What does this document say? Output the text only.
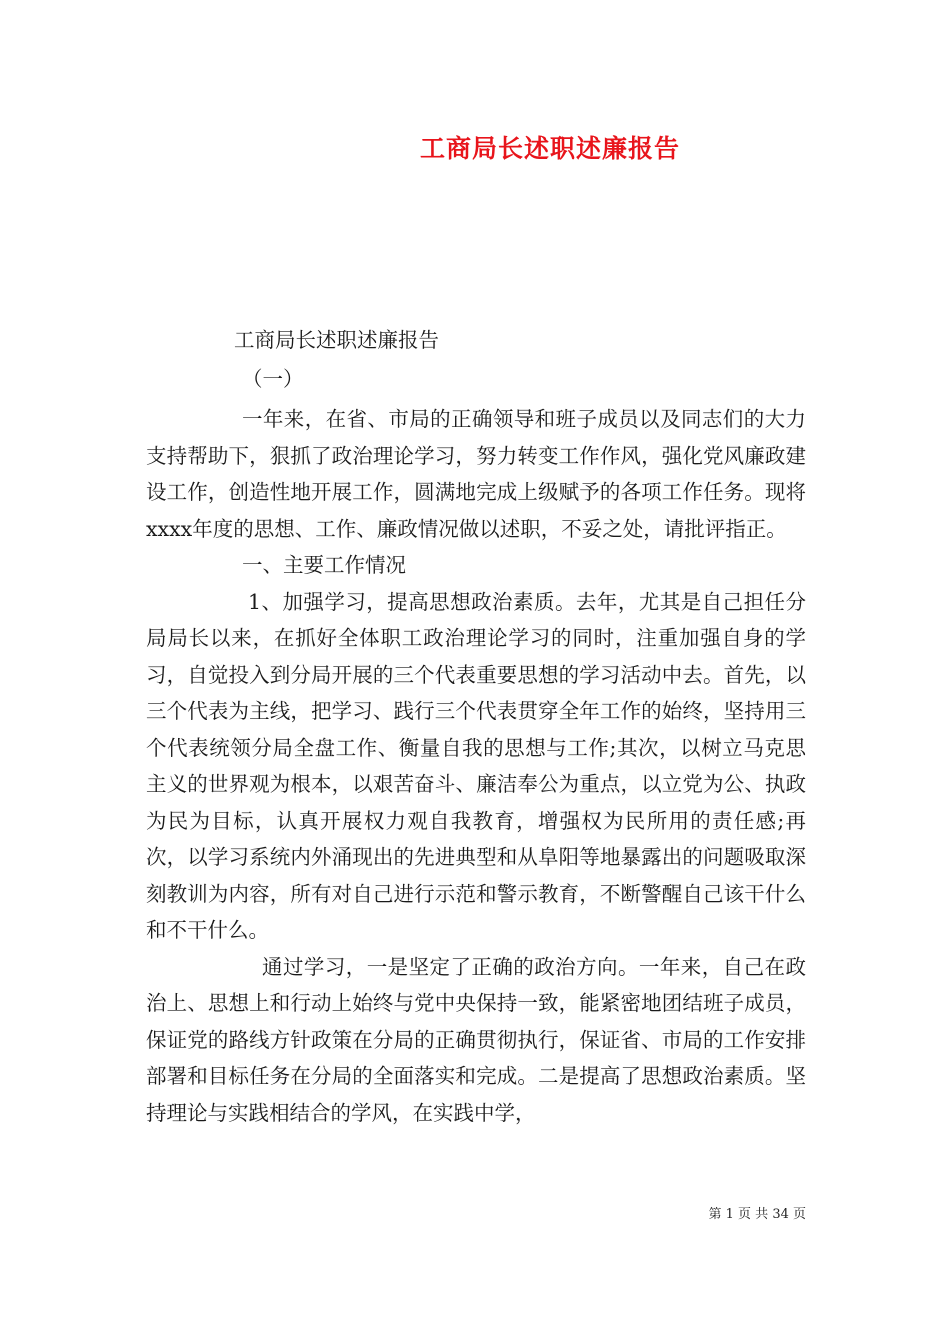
工商局长述职述廉报告
工商局长述职述廉报告
（一）
一年来，在省、市局的正确领导和班子成员以及同志们的大力支持帮助下，狠抓了政治理论学习，努力转变工作作风，强化党风廉政建设工作，创造性地开展工作，圆满地完成上级赋予的各项工作任务。现将xxxx年度的思想、工作、廉政情况做以述职，不妥之处，请批评指正。
一、主要工作情况
1、加强学习，提高思想政治素质。去年，尤其是自己担任分局局长以来，在抓好全体职工政治理论学习的同时，注重加强自身的学习，自觉投入到分局开展的三个代表重要思想的学习活动中去。首先，以三个代表为主线，把学习、践行三个代表贯穿全年工作的始终，坚持用三个代表统领分局全盘工作、衡量自我的思想与工作;其次，以树立马克思主义的世界观为根本，以艰苦奋斗、廉洁奉公为重点，以立党为公、执政为民为目标，认真开展权力观自我教育，增强权为民所用的责任感;再次，以学习系统内外涌现出的先进典型和从阜阳等地暴露出的问题吸取深刻教训为内容，所有对自己进行示范和警示教育，不断警醒自己该干什么和不干什么。
通过学习，一是坚定了正确的政治方向。一年来，自己在政治上、思想上和行动上始终与党中央保持一致，能紧密地团结班子成员，保证党的路线方针政策在分局的正确贯彻执行，保证省、市局的工作安排部署和目标任务在分局的全面落实和完成。二是提高了思想政治素质。坚持理论与实践相结合的学风，在实践中学，
第 1 页 共 34 页
